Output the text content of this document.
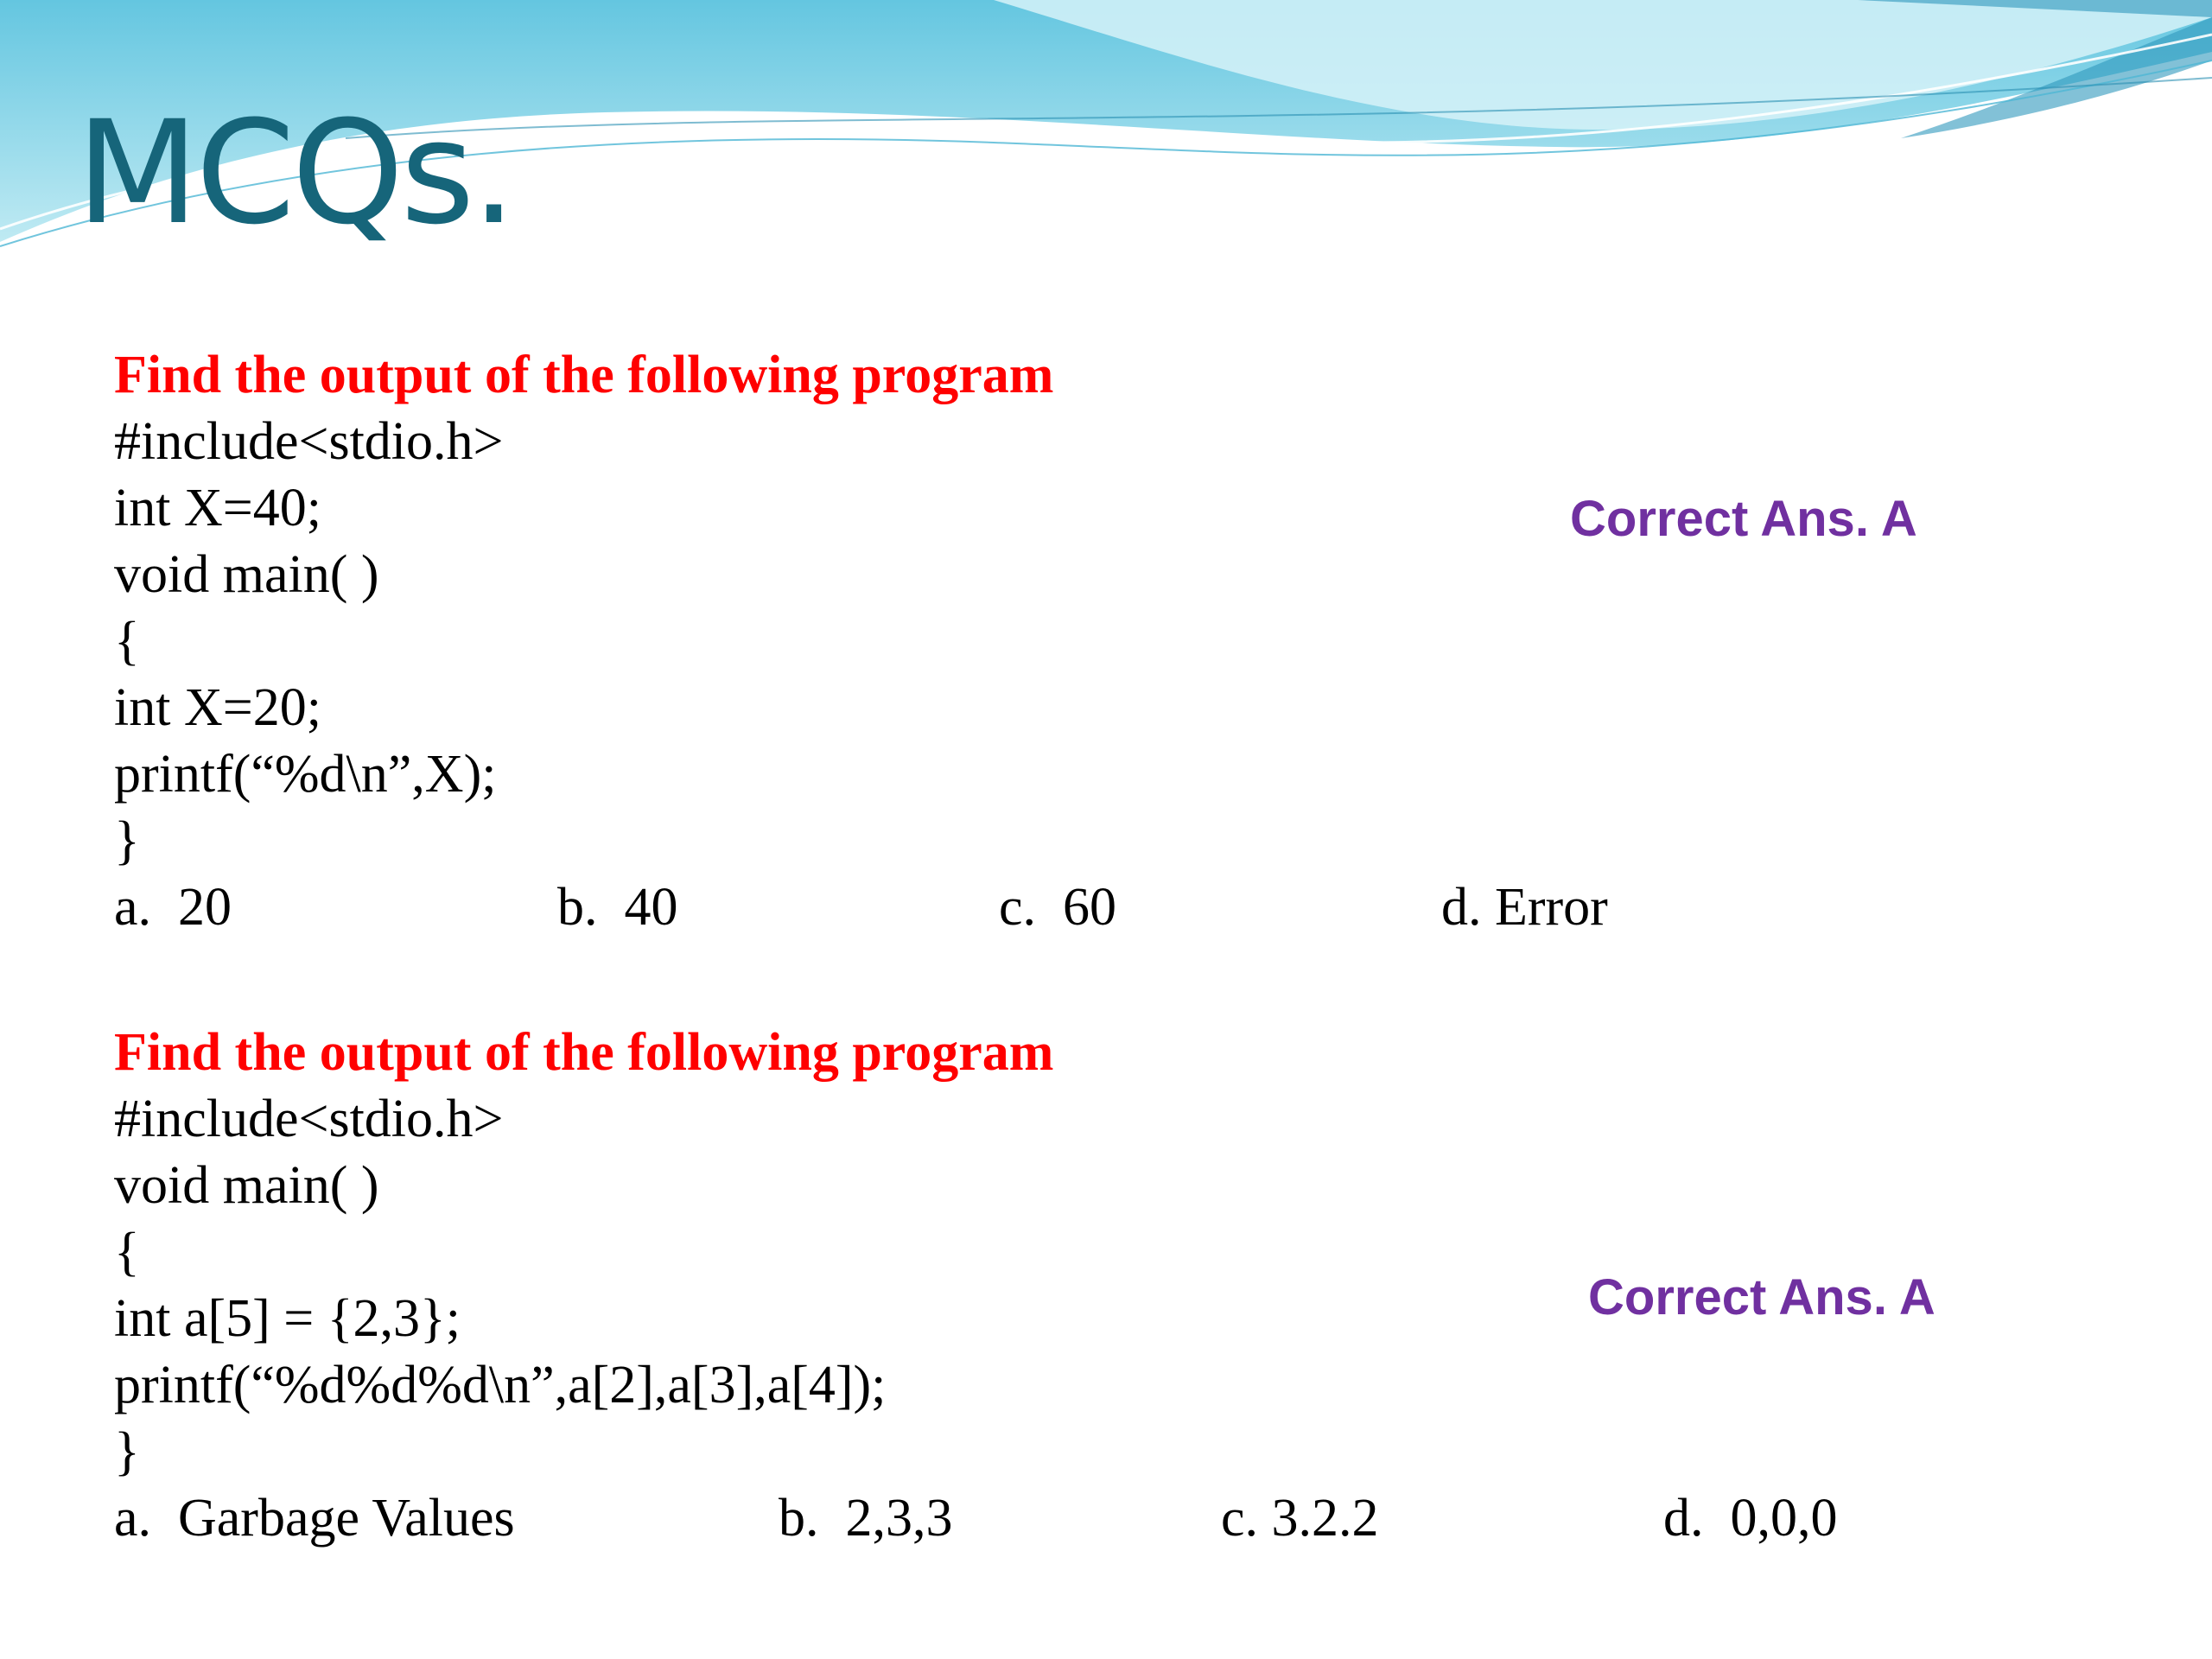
MCQs.
Find the output of the following program
#include<stdio.h>
int X=40;
void main( )
{
int X=20;
printf(“%d\n”,X);
}
a.  20	b.  40	c.  60	d. Error
Correct Ans. A
Find the output of the following program
#include<stdio.h>
void main( )
{
int a[5] = {2,3};
printf(“%d%d%d\n”,a[2],a[3],a[4]);
}
a.  Garbage Values	b.  2,3,3	c. 3.2.2	d.  0,0,0
Correct Ans. A
